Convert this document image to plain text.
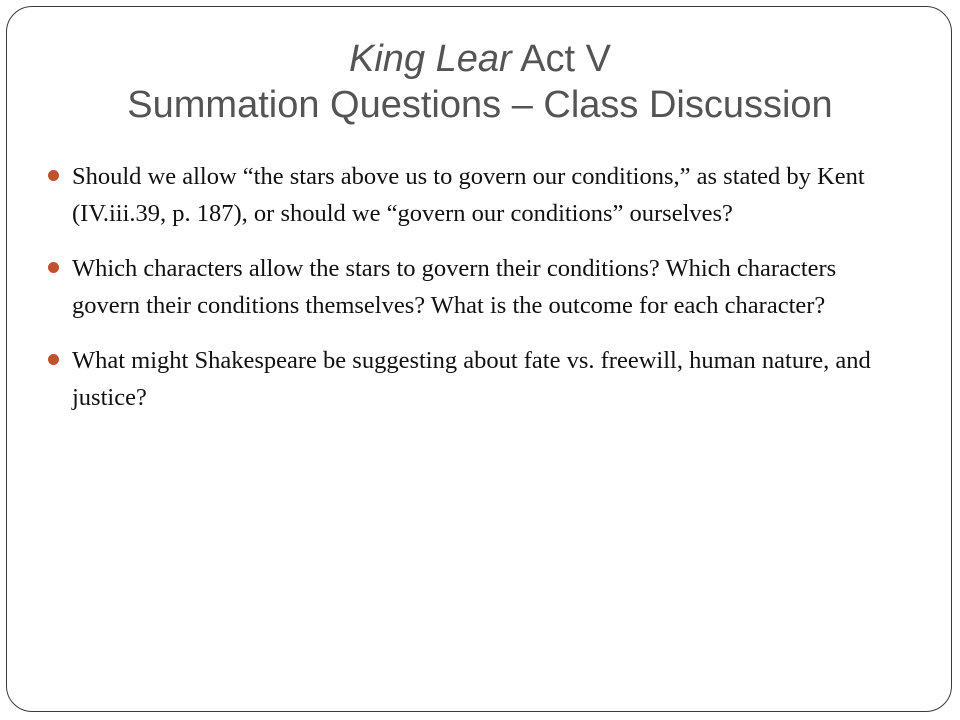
King Lear Act V
Summation Questions – Class Discussion
Should we allow “the stars above us to govern our conditions,” as stated by Kent (IV.iii.39, p. 187), or should we “govern our conditions” ourselves?
Which characters allow the stars to govern their conditions? Which characters govern their conditions themselves? What is the outcome for each character?
What might Shakespeare be suggesting about fate vs. freewill, human nature, and justice?
